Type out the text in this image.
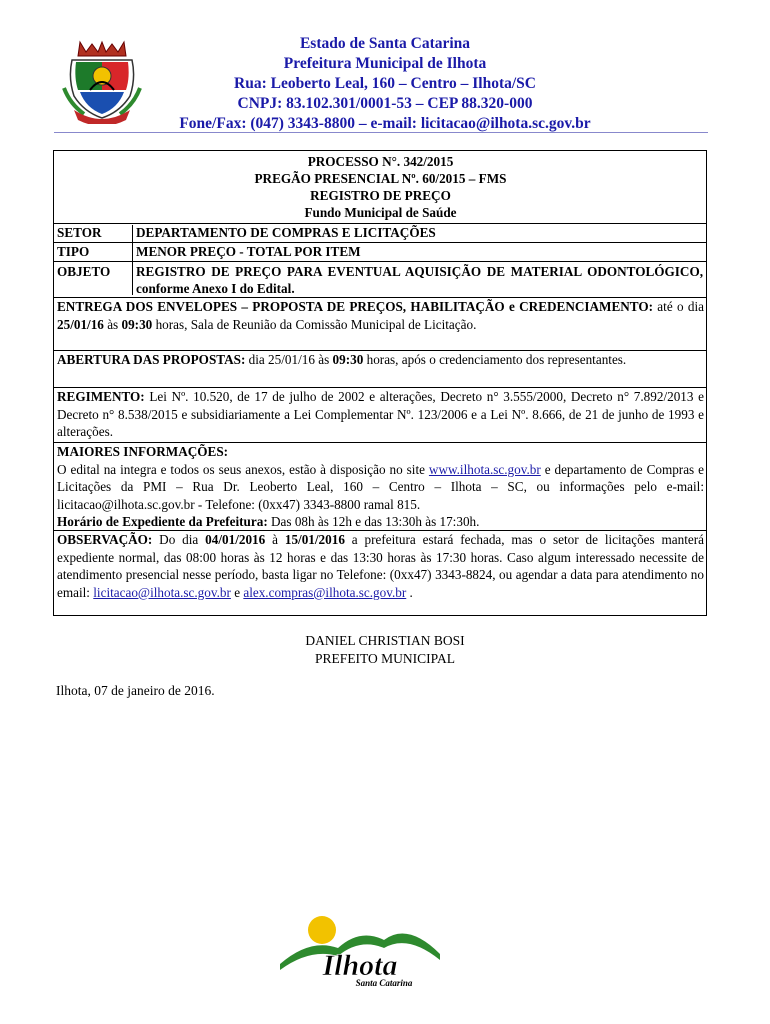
Estado de Santa Catarina
Prefeitura Municipal de Ilhota
Rua: Leoberto Leal, 160 – Centro – Ilhota/SC
CNPJ: 83.102.301/0001-53 – CEP 88.320-000
Fone/Fax: (047) 3343-8800 – e-mail: licitacao@ilhota.sc.gov.br
PROCESSO N°. 342/2015
PREGÃO PRESENCIAL Nº. 60/2015 – FMS
REGISTRO DE PREÇO
Fundo Municipal de Saúde
SETOR	DEPARTAMENTO DE COMPRAS E LICITAÇÕES
TIPO	MENOR PREÇO - TOTAL POR ITEM
OBJETO REGISTRO DE PREÇO PARA EVENTUAL AQUISIÇÃO DE MATERIAL ODONTOLÓGICO, conforme Anexo I do Edital.
ENTREGA DOS ENVELOPES – PROPOSTA DE PREÇOS, HABILITAÇÃO e CREDENCIAMENTO: até o dia 25/01/16 às 09:30 horas, Sala de Reunião da Comissão Municipal de Licitação.
ABERTURA DAS PROPOSTAS: dia 25/01/16 às 09:30 horas, após o credenciamento dos representantes.
REGIMENTO: Lei Nº. 10.520, de 17 de julho de 2002 e alterações, Decreto n° 3.555/2000, Decreto n° 7.892/2013 e Decreto n° 8.538/2015 e subsidiariamente a Lei Complementar Nº. 123/2006 e a Lei Nº. 8.666, de 21 de junho de 1993 e alterações.
MAIORES INFORMAÇÕES:
O edital na integra e todos os seus anexos, estão à disposição no site www.ilhota.sc.gov.br e departamento de Compras e Licitações da PMI – Rua Dr. Leoberto Leal, 160 – Centro – Ilhota – SC, ou informações pelo e-mail: licitacao@ilhota.sc.gov.br - Telefone: (0xx47) 3343-8800 ramal 815.
Horário de Expediente da Prefeitura: Das 08h às 12h e das 13:30h às 17:30h.
OBSERVAÇÃO: Do dia 04/01/2016 à 15/01/2016 a prefeitura estará fechada, mas o setor de licitações manterá expediente normal, das 08:00 horas às 12 horas e das 13:30 horas às 17:30 horas. Caso algum interessado necessite de atendimento presencial nesse período, basta ligar no Telefone: (0xx47) 3343-8824, ou agendar a data para atendimento no email: licitacao@ilhota.sc.gov.br e alex.compras@ilhota.sc.gov.br .
DANIEL CHRISTIAN BOSI
PREFEITO MUNICIPAL
Ilhota, 07 de janeiro de 2016.
Ilhota
Santa Catarina
